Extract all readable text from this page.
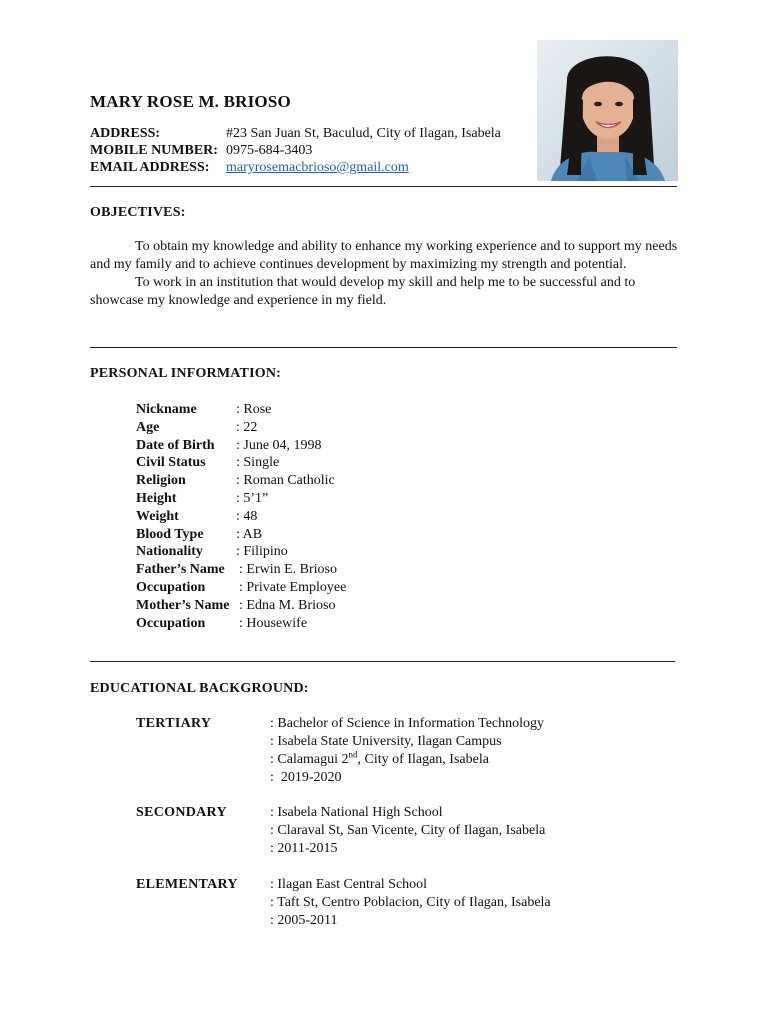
MARY ROSE M. BRIOSO
ADDRESS:	#23 San Juan St, Baculud, City of Ilagan, Isabela
MOBILE NUMBER: 0975-684-3403
EMAIL ADDRESS:	maryrosemacbrioso@gmail.com
OBJECTIVES:

To obtain my knowledge and ability to enhance my working experience and to support my needs and my family and to achieve continues development by maximizing my strength and potential.

To work in an institution that would develop my skill and help me to be successful and to showcase my knowledge and experience in my field.

PERSONAL INFORMATION:
Nickname	: Rose
Age	: 22
Date of Birth	: June 04, 1998
Civil Status	: Single
Religion	: Roman Catholic
Height	: 5’1”
Weight	: 48
Blood Type	: AB
Nationality	: Filipino
Father’s Name	: Erwin E. Brioso
Occupation	: Private Employee
Mother’s Name : Edna M. Brioso
Occupation	: Housewife
EDUCATIONAL BACKGROUND:
TERTIARY	: Bachelor of Science in Information Technology
: Isabela State University, Ilagan Campus
: Calamagui 2nd, City of Ilagan, Isabela
:  2019-2020
SECONDARY	: Isabela National High School
: Claraval St, San Vicente, City of Ilagan, Isabela
: 2011-2015
ELEMENTARY : Ilagan East Central School
: Taft St, Centro Poblacion, City of Ilagan, Isabela
: 2005-2011
